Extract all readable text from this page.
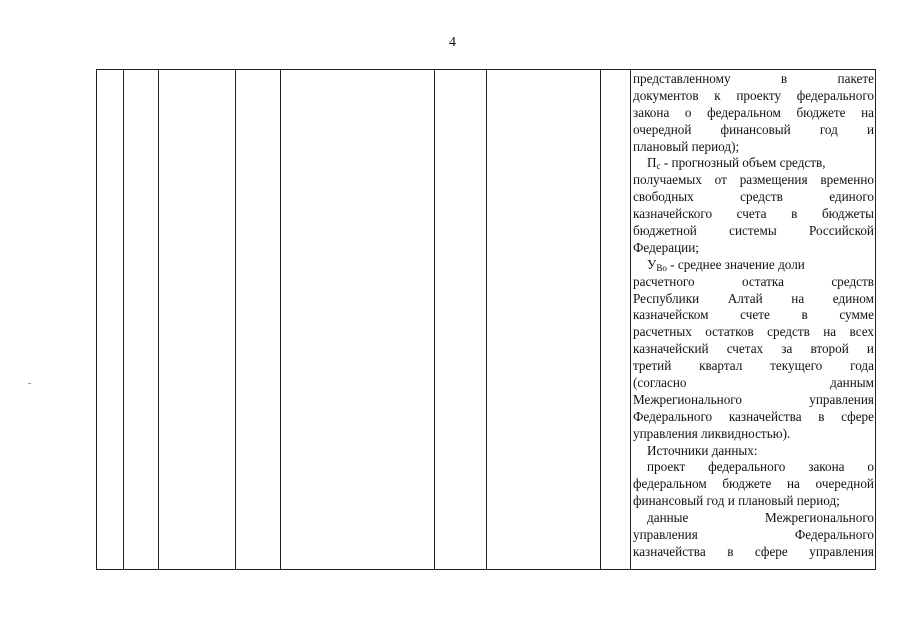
4
представленному в пакете
документов к проекту федерального
закона о федеральном бюджете на
очередной финансовый год и
плановый период);
$П_с$ - прогнозный объем средств,
получаемых от размещения временно
свободных средств единого
казначейского счета в бюджеты
бюджетной системы Российской
Федерации;
$У_{Во}$ - среднее значение доли
расчетного остатка средств
Республики Алтай на едином
казначейском счете в сумме
расчетных остатков средств на всех
казначейский счетах за второй и
третий квартал текущего года
(согласно данным
Межрегионального управления
Федерального казначейства в сфере
управления ликвидностью).
Источники данных:
проект федерального закона о
федеральном бюджете на очередной
финансовый год и плановый период;
данные Межрегионального
управления Федерального
казначейства в сфере управления
